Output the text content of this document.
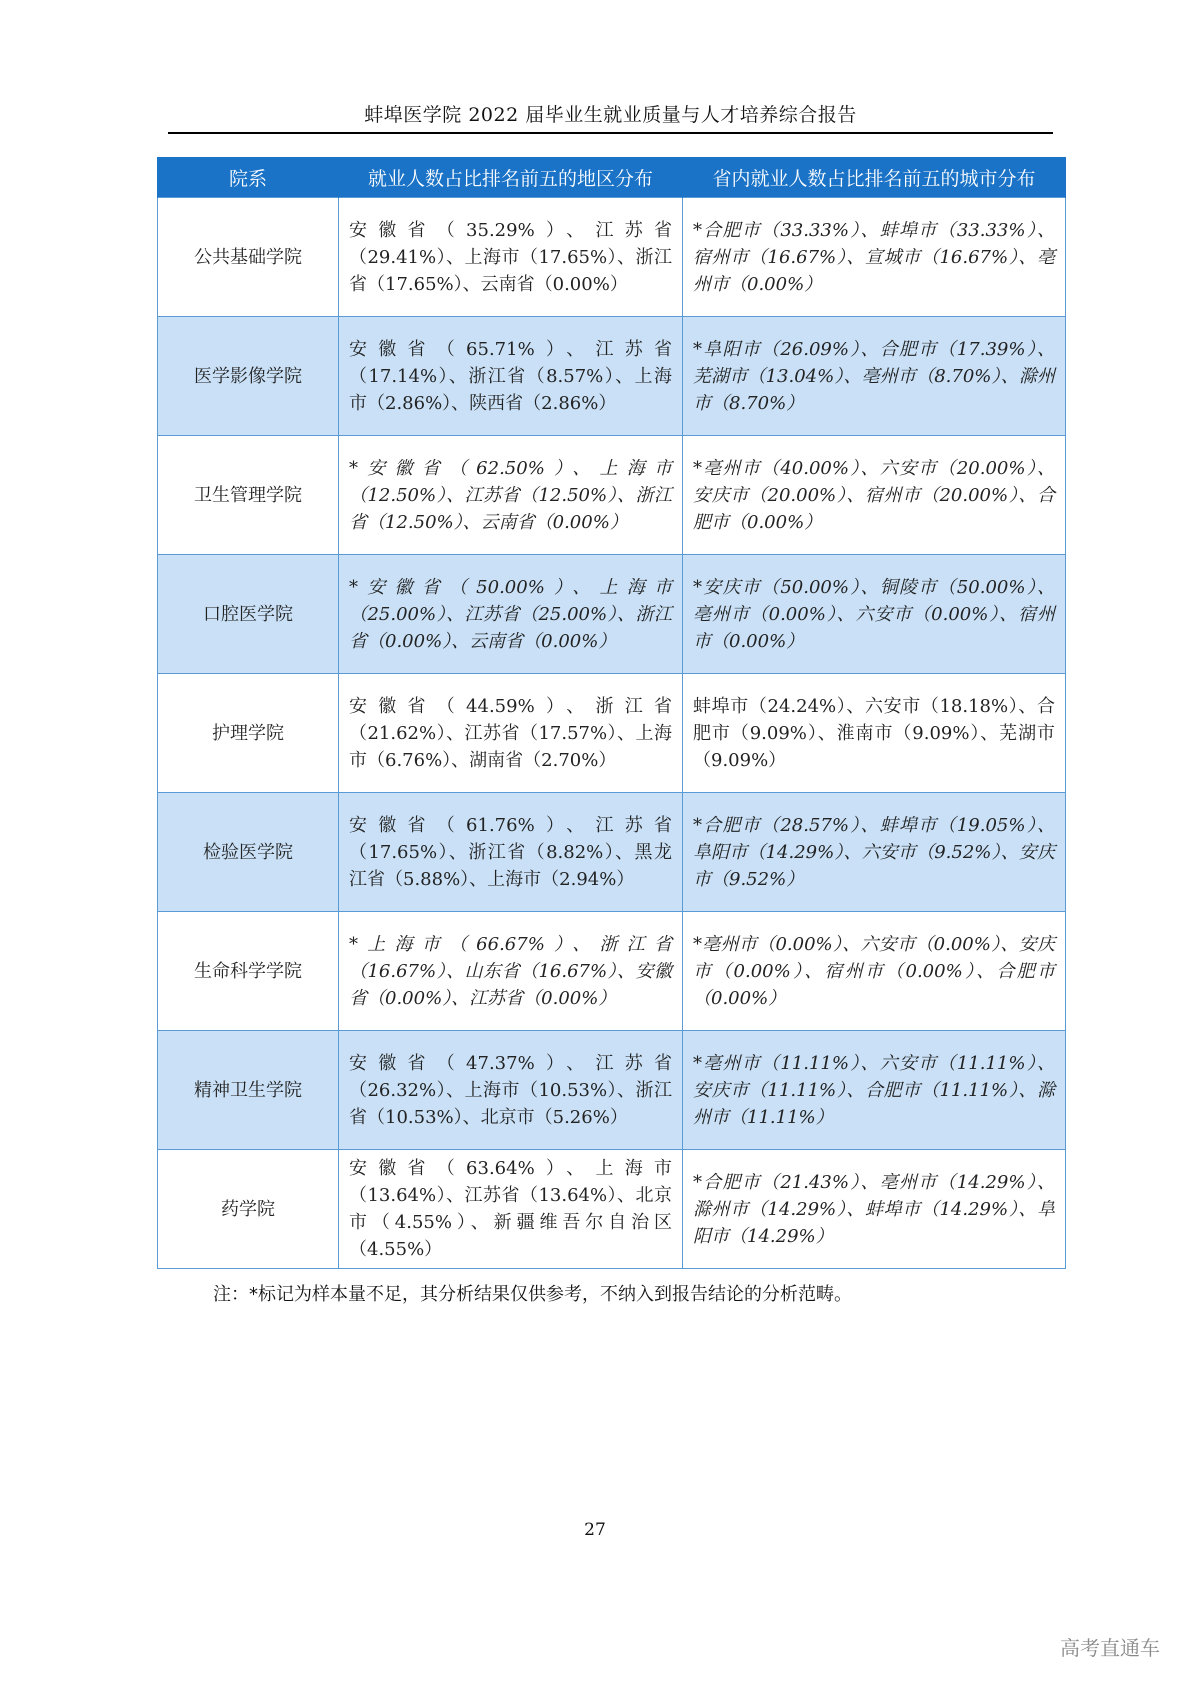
蚌埠医学院 2022 届毕业生就业质量与人才培养综合报告
院系	就业人数占比排名前五的地区分布	省内就业人数占比排名前五的城市分布
公共基础学院	安徽省（35.29%）、江苏省（29.41%）、上海市（17.65%）、浙江省（17.65%）、云南省（0.00%）	*合肥市（33.33%）、蚌埠市（33.33%）、宿州市（16.67%）、宣城市（16.67%）、亳州市（0.00%）
医学影像学院	安徽省（65.71%）、江苏省（17.14%）、浙江省（8.57%）、上海市（2.86%）、陕西省（2.86%）	*阜阳市（26.09%）、合肥市（17.39%）、芜湖市（13.04%）、亳州市（8.70%）、滁州市（8.70%）
卫生管理学院	*安徽省（62.50%）、上海市（12.50%）、江苏省（12.50%）、浙江省（12.50%）、云南省（0.00%）	*亳州市（40.00%）、六安市（20.00%）、安庆市（20.00%）、宿州市（20.00%）、合肥市（0.00%）
口腔医学院	*安徽省（50.00%）、上海市（25.00%）、江苏省（25.00%）、浙江省（0.00%）、云南省（0.00%）	*安庆市（50.00%）、铜陵市（50.00%）、亳州市（0.00%）、六安市（0.00%）、宿州市（0.00%）
护理学院	安徽省（44.59%）、浙江省（21.62%）、江苏省（17.57%）、上海市（6.76%）、湖南省（2.70%）	蚌埠市（24.24%）、六安市（18.18%）、合肥市（9.09%）、淮南市（9.09%）、芜湖市（9.09%）
检验医学院	安徽省（61.76%）、江苏省（17.65%）、浙江省（8.82%）、黑龙江省（5.88%）、上海市（2.94%）	*合肥市（28.57%）、蚌埠市（19.05%）、阜阳市（14.29%）、六安市（9.52%）、安庆市（9.52%）
生命科学学院	*上海市（66.67%）、浙江省（16.67%）、山东省（16.67%）、安徽省（0.00%）、江苏省（0.00%）	*亳州市（0.00%）、六安市（0.00%）、安庆市（0.00%）、宿州市（0.00%）、合肥市（0.00%）
精神卫生学院	安徽省（47.37%）、江苏省（26.32%）、上海市（10.53%）、浙江省（10.53%）、北京市（5.26%）	*亳州市（11.11%）、六安市（11.11%）、安庆市（11.11%）、合肥市（11.11%）、滁州市（11.11%）
药学院	安徽省（63.64%）、上海市（13.64%）、江苏省（13.64%）、北京市（4.55%）、新疆维吾尔自治区（4.55%）	*合肥市（21.43%）、亳州市（14.29%）、滁州市（14.29%）、蚌埠市（14.29%）、阜阳市（14.29%）
注：*标记为样本量不足，其分析结果仅供参考，不纳入到报告结论的分析范畴。
27
高考直通车
